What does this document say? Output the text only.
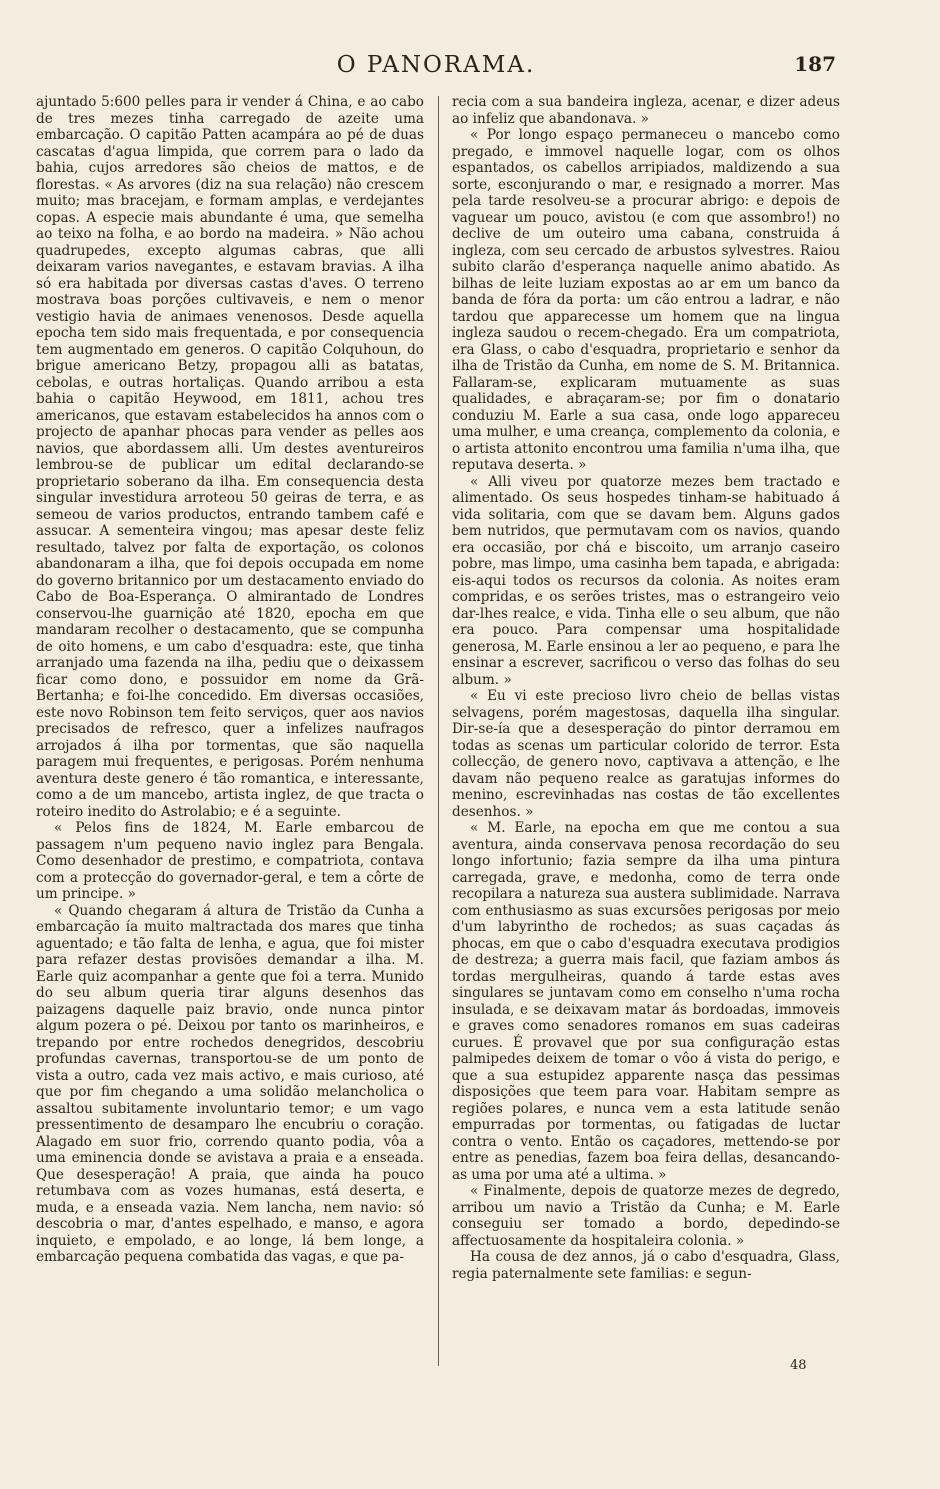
O PANORAMA.	187

ajuntado 5:600 pelles para ir vender á China, e ao cabo de tres mezes tinha carregado de azeite uma embarcação. O capitão Patten acampára ao pé de duas cascatas d'agua limpida, que correm para o lado da bahia, cujos arredores são cheios de mattos, e de florestas. « As arvores (diz na sua relação) não crescem muito; mas bracejam, e formam amplas, e verdejantes copas. A especie mais abundante é uma, que semelha ao teixo na folha, e ao bordo na madeira. » Não achou quadrupedes, excepto algumas cabras, que alli deixaram varios navegantes, e estavam bravias. A ilha só era habitada por diversas castas d'aves. O terreno mostrava boas porções cultivaveis, e nem o menor vestigio havia de animaes venenosos. Desde aquella epocha tem sido mais frequentada, e por consequencia tem augmentado em generos. O capitão Colquhoun, do brigue americano Betzy, propagou alli as batatas, cebolas, e outras hortaliças. Quando arribou a esta bahia o capitão Heywood, em 1811, achou tres americanos, que estavam estabelecidos ha annos com o projecto de apanhar phocas para vender as pelles aos navios, que abordassem alli. Um destes aventureiros lembrou-se de publicar um edital declarando-se proprietario soberano da ilha. Em consequencia desta singular investidura arroteou 50 geiras de terra, e as semeou de varios productos, entrando tambem café e assucar. A sementeira vingou; mas apesar deste feliz resultado, talvez por falta de exportação, os colonos abandonaram a ilha, que foi depois occupada em nome do governo britannico por um destacamento enviado do Cabo de Boa-Esperança. O almirantado de Londres conservou-lhe guarnição até 1820, epocha em que mandaram recolher o destacamento, que se compunha de oito homens, e um cabo d'esquadra: este, que tinha arranjado uma fazenda na ilha, pediu que o deixassem ficar como dono, e possuidor em nome da Grã-Bertanha; e foi-lhe concedido. Em diversas occasiões, este novo Robinson tem feito serviços, quer aos navios precisados de refresco, quer a infelizes naufragos arrojados á ilha por tormentas, que são naquella paragem mui frequentes, e perigosas. Porém nenhuma aventura deste genero é tão romantica, e interessante, como a de um mancebo, artista inglez, de que tracta o roteiro inedito do Astrolabio; e é a seguinte.

« Pelos fins de 1824, M. Earle embarcou de passagem n'um pequeno navio inglez para Bengala. Como desenhador de prestimo, e compatriota, contava com a protecção do governador-geral, e tem a côrte de um principe. »

« Quando chegaram á altura de Tristão da Cunha a embarcação ía muito maltractada dos mares que tinha aguentado; e tão falta de lenha, e agua, que foi mister para refazer destas provisões demandar a ilha. M. Earle quiz acompanhar a gente que foi a terra. Munido do seu album queria tirar alguns desenhos das paizagens daquelle paiz bravio, onde nunca pintor algum pozera o pé. Deixou por tanto os marinheiros, e trepando por entre rochedos denegridos, descobriu profundas cavernas, transportou-se de um ponto de vista a outro, cada vez mais activo, e mais curioso, até que por fim chegando a uma solidão melancholica o assaltou subitamente involuntario temor; e um vago pressentimento de desamparo lhe encubriu o coração. Alagado em suor frio, correndo quanto podia, vôa a uma eminencia donde se avistava a praia e a enseada. Que desesperação! A praia, que ainda ha pouco retumbava com as vozes humanas, está deserta, e muda, e a enseada vazia. Nem lancha, nem navio: só descobria o mar, d'antes espelhado, e manso, e agora inquieto, e empolado, e ao longe, lá bem longe, a embarcação pequena combatida das vagas, e que pa-

recia com a sua bandeira ingleza, acenar, e dizer adeus ao infeliz que abandonava. »

« Por longo espaço permaneceu o mancebo como pregado, e immovel naquelle logar, com os olhos espantados, os cabellos arripiados, maldizendo a sua sorte, esconjurando o mar, e resignado a morrer. Mas pela tarde resolveu-se a procurar abrigo: e depois de vaguear um pouco, avistou (e com que assombro!) no declive de um outeiro uma cabana, construida á ingleza, com seu cercado de arbustos sylvestres. Raiou subito clarão d'esperança naquelle animo abatido. As bilhas de leite luziam expostas ao ar em um banco da banda de fóra da porta: um cão entrou a ladrar, e não tardou que apparecesse um homem que na lingua ingleza saudou o recem-chegado. Era um compatriota, era Glass, o cabo d'esquadra, proprietario e senhor da ilha de Tristão da Cunha, em nome de S. M. Britannica. Fallaram-se, explicaram mutuamente as suas qualidades, e abraçaram-se; por fim o donatario conduziu M. Earle a sua casa, onde logo appareceu uma mulher, e uma creança, complemento da colonia, e o artista attonito encontrou uma familia n'uma ilha, que reputava deserta. »

« Alli viveu por quatorze mezes bem tractado e alimentado. Os seus hospedes tinham-se habituado á vida solitaria, com que se davam bem. Alguns gados bem nutridos, que permutavam com os navios, quando era occasião, por chá e biscoito, um arranjo caseiro pobre, mas limpo, uma casinha bem tapada, e abrigada: eis-aqui todos os recursos da colonia. As noites eram compridas, e os serões tristes, mas o estrangeiro veio dar-lhes realce, e vida. Tinha elle o seu album, que não era pouco. Para compensar uma hospitalidade generosa, M. Earle ensinou a ler ao pequeno, e para lhe ensinar a escrever, sacrificou o verso das folhas do seu album. »

« Eu vi este precioso livro cheio de bellas vistas selvagens, porém magestosas, daquella ilha singular. Dir-se-ía que a desesperação do pintor derramou em todas as scenas um particular colorido de terror. Esta collecção, de genero novo, captivava a attenção, e lhe davam não pequeno realce as garatujas informes do menino, escrevinhadas nas costas de tão excellentes desenhos. »

« M. Earle, na epocha em que me contou a sua aventura, ainda conservava penosa recordação do seu longo infortunio; fazia sempre da ilha uma pintura carregada, grave, e medonha, como de terra onde recopilara a natureza sua austera sublimidade. Narrava com enthusiasmo as suas excursões perigosas por meio d'um labyrintho de rochedos; as suas caçadas ás phocas, em que o cabo d'esquadra executava prodigios de destreza; a guerra mais facil, que faziam ambos ás tordas mergulheiras, quando á tarde estas aves singulares se juntavam como em conselho n'uma rocha insulada, e se deixavam matar ás bordoadas, immoveis e graves como senadores romanos em suas cadeiras curues. É provavel que por sua configuração estas palmipedes deixem de tomar o vôo á vista do perigo, e que a sua estupidez apparente nasça das pessimas disposições que teem para voar. Habitam sempre as regiões polares, e nunca vem a esta latitude senão empurradas por tormentas, ou fatigadas de luctar contra o vento. Então os caçadores, mettendo-se por entre as penedias, fazem boa feira dellas, desancando-as uma por uma até a ultima. »

« Finalmente, depois de quatorze mezes de degredo, arribou um navio a Tristão da Cunha; e M. Earle conseguiu ser tomado a bordo, depedindo-se affectuosamente da hospitaleira colonia. »

Ha cousa de dez annos, já o cabo d'esquadra, Glass, regia paternalmente sete familias: e segun-

48
